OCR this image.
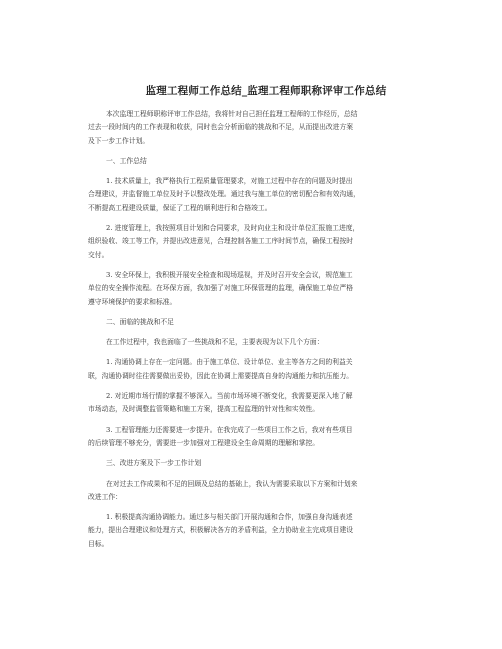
监理工程师工作总结_监理工程师职称评审工作总结
本次监理工程师职称评审工作总结，我将针对自己担任监理工程师的工作经历，总结
过去一段时间内的工作表现和收获，同时也会分析面临的挑战和不足，从而提出改进方案
及下一步工作计划。
一、工作总结
1. 技术质量上，我严格执行工程质量管理要求，对施工过程中存在的问题及时提出
合理建议，并监督施工单位及时予以整改处理。通过我与施工单位的密切配合和有效沟通，
不断提高工程建设质量，保证了工程的顺利进行和合格竣工。
2. 进度管理上，我按照项目计划和合同要求，及时向业主和设计单位汇报施工进度，
组织验收、竣工等工作，并提出改进意见，合理控制各施工工序时间节点，确保工程按时
交付。
3. 安全环保上，我积极开展安全检查和现场巡视，并及时召开安全会议，规范施工
单位的安全操作流程。在环保方面，我加强了对施工环保管理的监理，确保施工单位严格
遵守环境保护的要求和标准。
二、面临的挑战和不足
在工作过程中，我也面临了一些挑战和不足，主要表现为以下几个方面：
1. 沟通协调上存在一定问题。由于施工单位、设计单位、业主等各方之间的利益关
联，沟通协调时往往需要做出妥协，因此在协调上需要提高自身的沟通能力和抗压能力。
2. 对近期市场行情的掌握不够深入。当前市场环境不断变化，我需要更深入地了解
市场动态，及时调整监管策略和施工方案，提高工程监理的针对性和实效性。
3. 工程管理能力还需要进一步提升。在我完成了一些项目工作之后，我对有些项目
的后续管理不够充分，需要进一步加强对工程建设全生命周期的理解和掌控。
三、改进方案及下一步工作计划
在对过去工作成果和不足的回顾及总结的基础上，我认为需要采取以下方案和计划来
改进工作：
1. 积极提高沟通协调能力。通过多与相关部门开展沟通和合作，加强自身沟通表述
能力，提出合理建议和处理方式，积极解决各方的矛盾利益，全力协助业主完成项目建设
目标。
